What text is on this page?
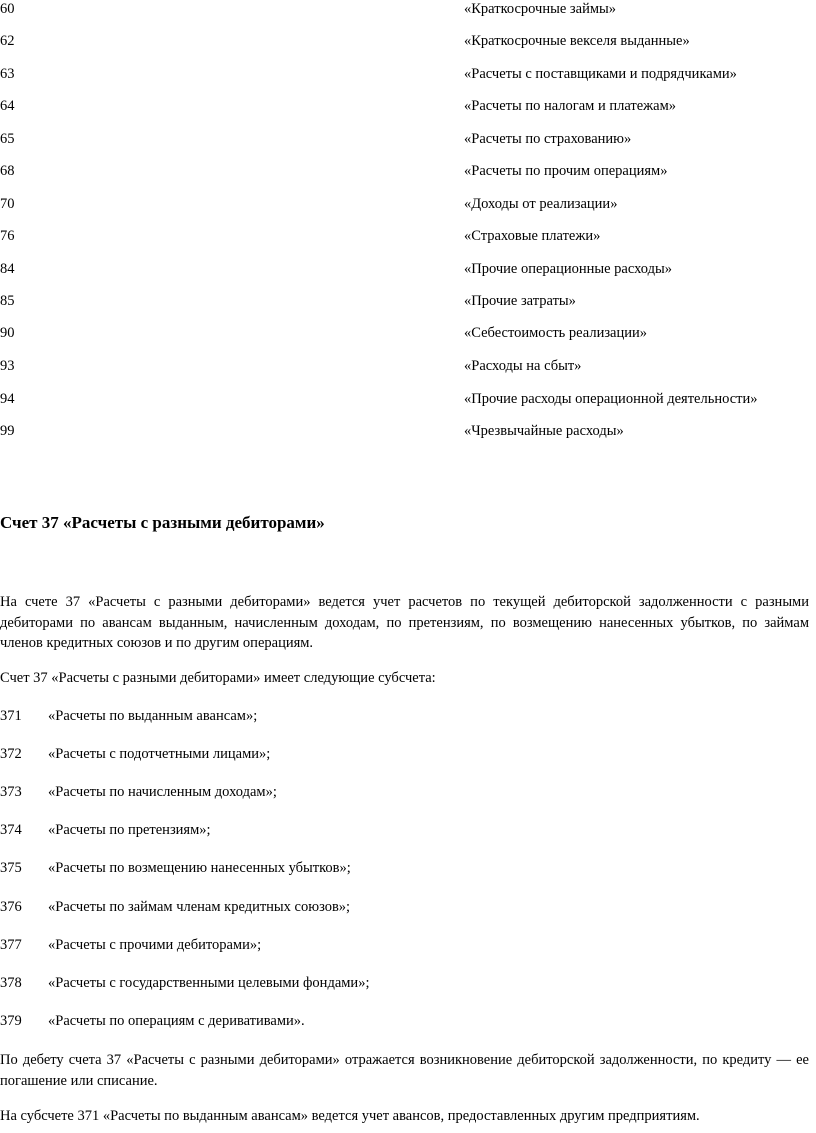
60	«Краткосрочные займы»
62	«Краткосрочные векселя выданные»
63	«Расчеты с поставщиками и подрядчиками»
64	«Расчеты по налогам и платежам»
65	«Расчеты по страхованию»
68	«Расчеты по прочим операциям»
70	«Доходы от реализации»
76	«Страховые платежи»
84	«Прочие операционные расходы»
85	«Прочие затраты»
90	«Себестоимость реализации»
93	«Расходы на сбыт»
94	«Прочие расходы операционной деятельности»
99	«Чрезвычайные расходы»
Счет 37 «Расчеты с разными дебиторами»

На счете 37 «Расчеты с разными дебиторами» ведется учет расчетов по текущей дебиторской задолженности с разными дебиторами по авансам выданным, начисленным доходам, по претензиям, по возмещению нанесенных убытков, по займам членов кредитных союзов и по другим операциям.

Счет 37 «Расчеты с разными дебиторами» имеет следующие субсчета:

371 «Расчеты по выданным авансам»;
372 «Расчеты с подотчетными лицами»;
373 «Расчеты по начисленным доходам»;
374 «Расчеты по претензиям»;
375 «Расчеты по возмещению нанесенных убытков»;
376 «Расчеты по займам членам кредитных союзов»;
377 «Расчеты с прочими дебиторами»;
378 «Расчеты с государственными целевыми фондами»;
379 «Расчеты по операциям с деривативами».

По дебету счета 37 «Расчеты с разными дебиторами» отражается возникновение дебиторской задолженности, по кредиту — ее погашение или списание.

На субсчете 371 «Расчеты по выданным авансам» ведется учет авансов, предоставленных другим предприятиям.
